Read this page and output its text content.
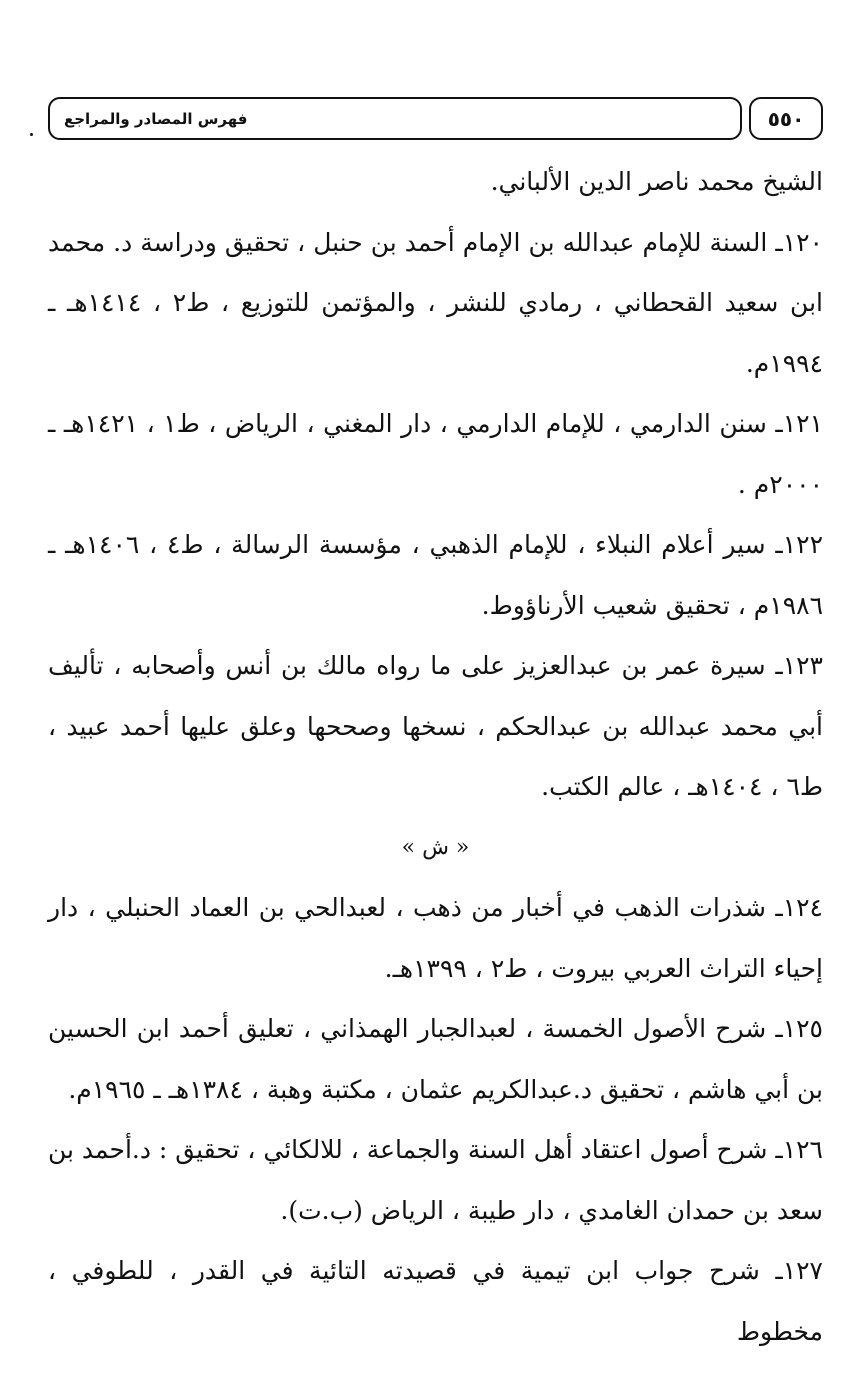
فهرس المصادر والمراجع	٥٥٠

الشيخ محمد ناصر الدين الألباني.

١٢٠ـ السنة للإمام عبدالله بن الإمام أحمد بن حنبل ، تحقيق ودراسة د. محمد ابن سعيد القحطاني ، رمادي للنشر ، والمؤتمن للتوزيع ، ط٢ ، ١٤١٤هـ ـ ١٩٩٤م.

١٢١ـ سنن الدارمي ، للإمام الدارمي ، دار المغني ، الرياض ، ط١ ، ١٤٢١هـ ـ ٢٠٠٠م .

١٢٢ـ سير أعلام النبلاء ، للإمام الذهبي ، مؤسسة الرسالة ، ط٤ ، ١٤٠٦هـ ـ ١٩٨٦م ، تحقيق شعيب الأرناؤوط.

١٢٣ـ سيرة عمر بن عبدالعزيز على ما رواه مالك بن أنس وأصحابه ، تأليف أبي محمد عبدالله بن عبدالحكم ، نسخها وصححها وعلق عليها أحمد عبيد ، ط٦ ، ١٤٠٤هـ ، عالم الكتب.

« ش »

١٢٤ـ شذرات الذهب في أخبار من ذهب ، لعبدالحي بن العماد الحنبلي ، دار إحياء التراث العربي بيروت ، ط٢ ، ١٣٩٩هـ.

١٢٥ـ شرح الأصول الخمسة ، لعبدالجبار الهمذاني ، تعليق أحمد ابن الحسين بن أبي هاشم ، تحقيق د.عبدالكريم عثمان ، مكتبة وهبة ، ١٣٨٤هـ ـ ١٩٦٥م.

١٢٦ـ شرح أصول اعتقاد أهل السنة والجماعة ، للالكائي ، تحقيق : د.أحمد بن سعد بن حمدان الغامدي ، دار طيبة ، الرياض (ب.ت).

١٢٧ـ شرح جواب ابن تيمية في قصيدته التائية في القدر ، للطوفي ، مخطوط
